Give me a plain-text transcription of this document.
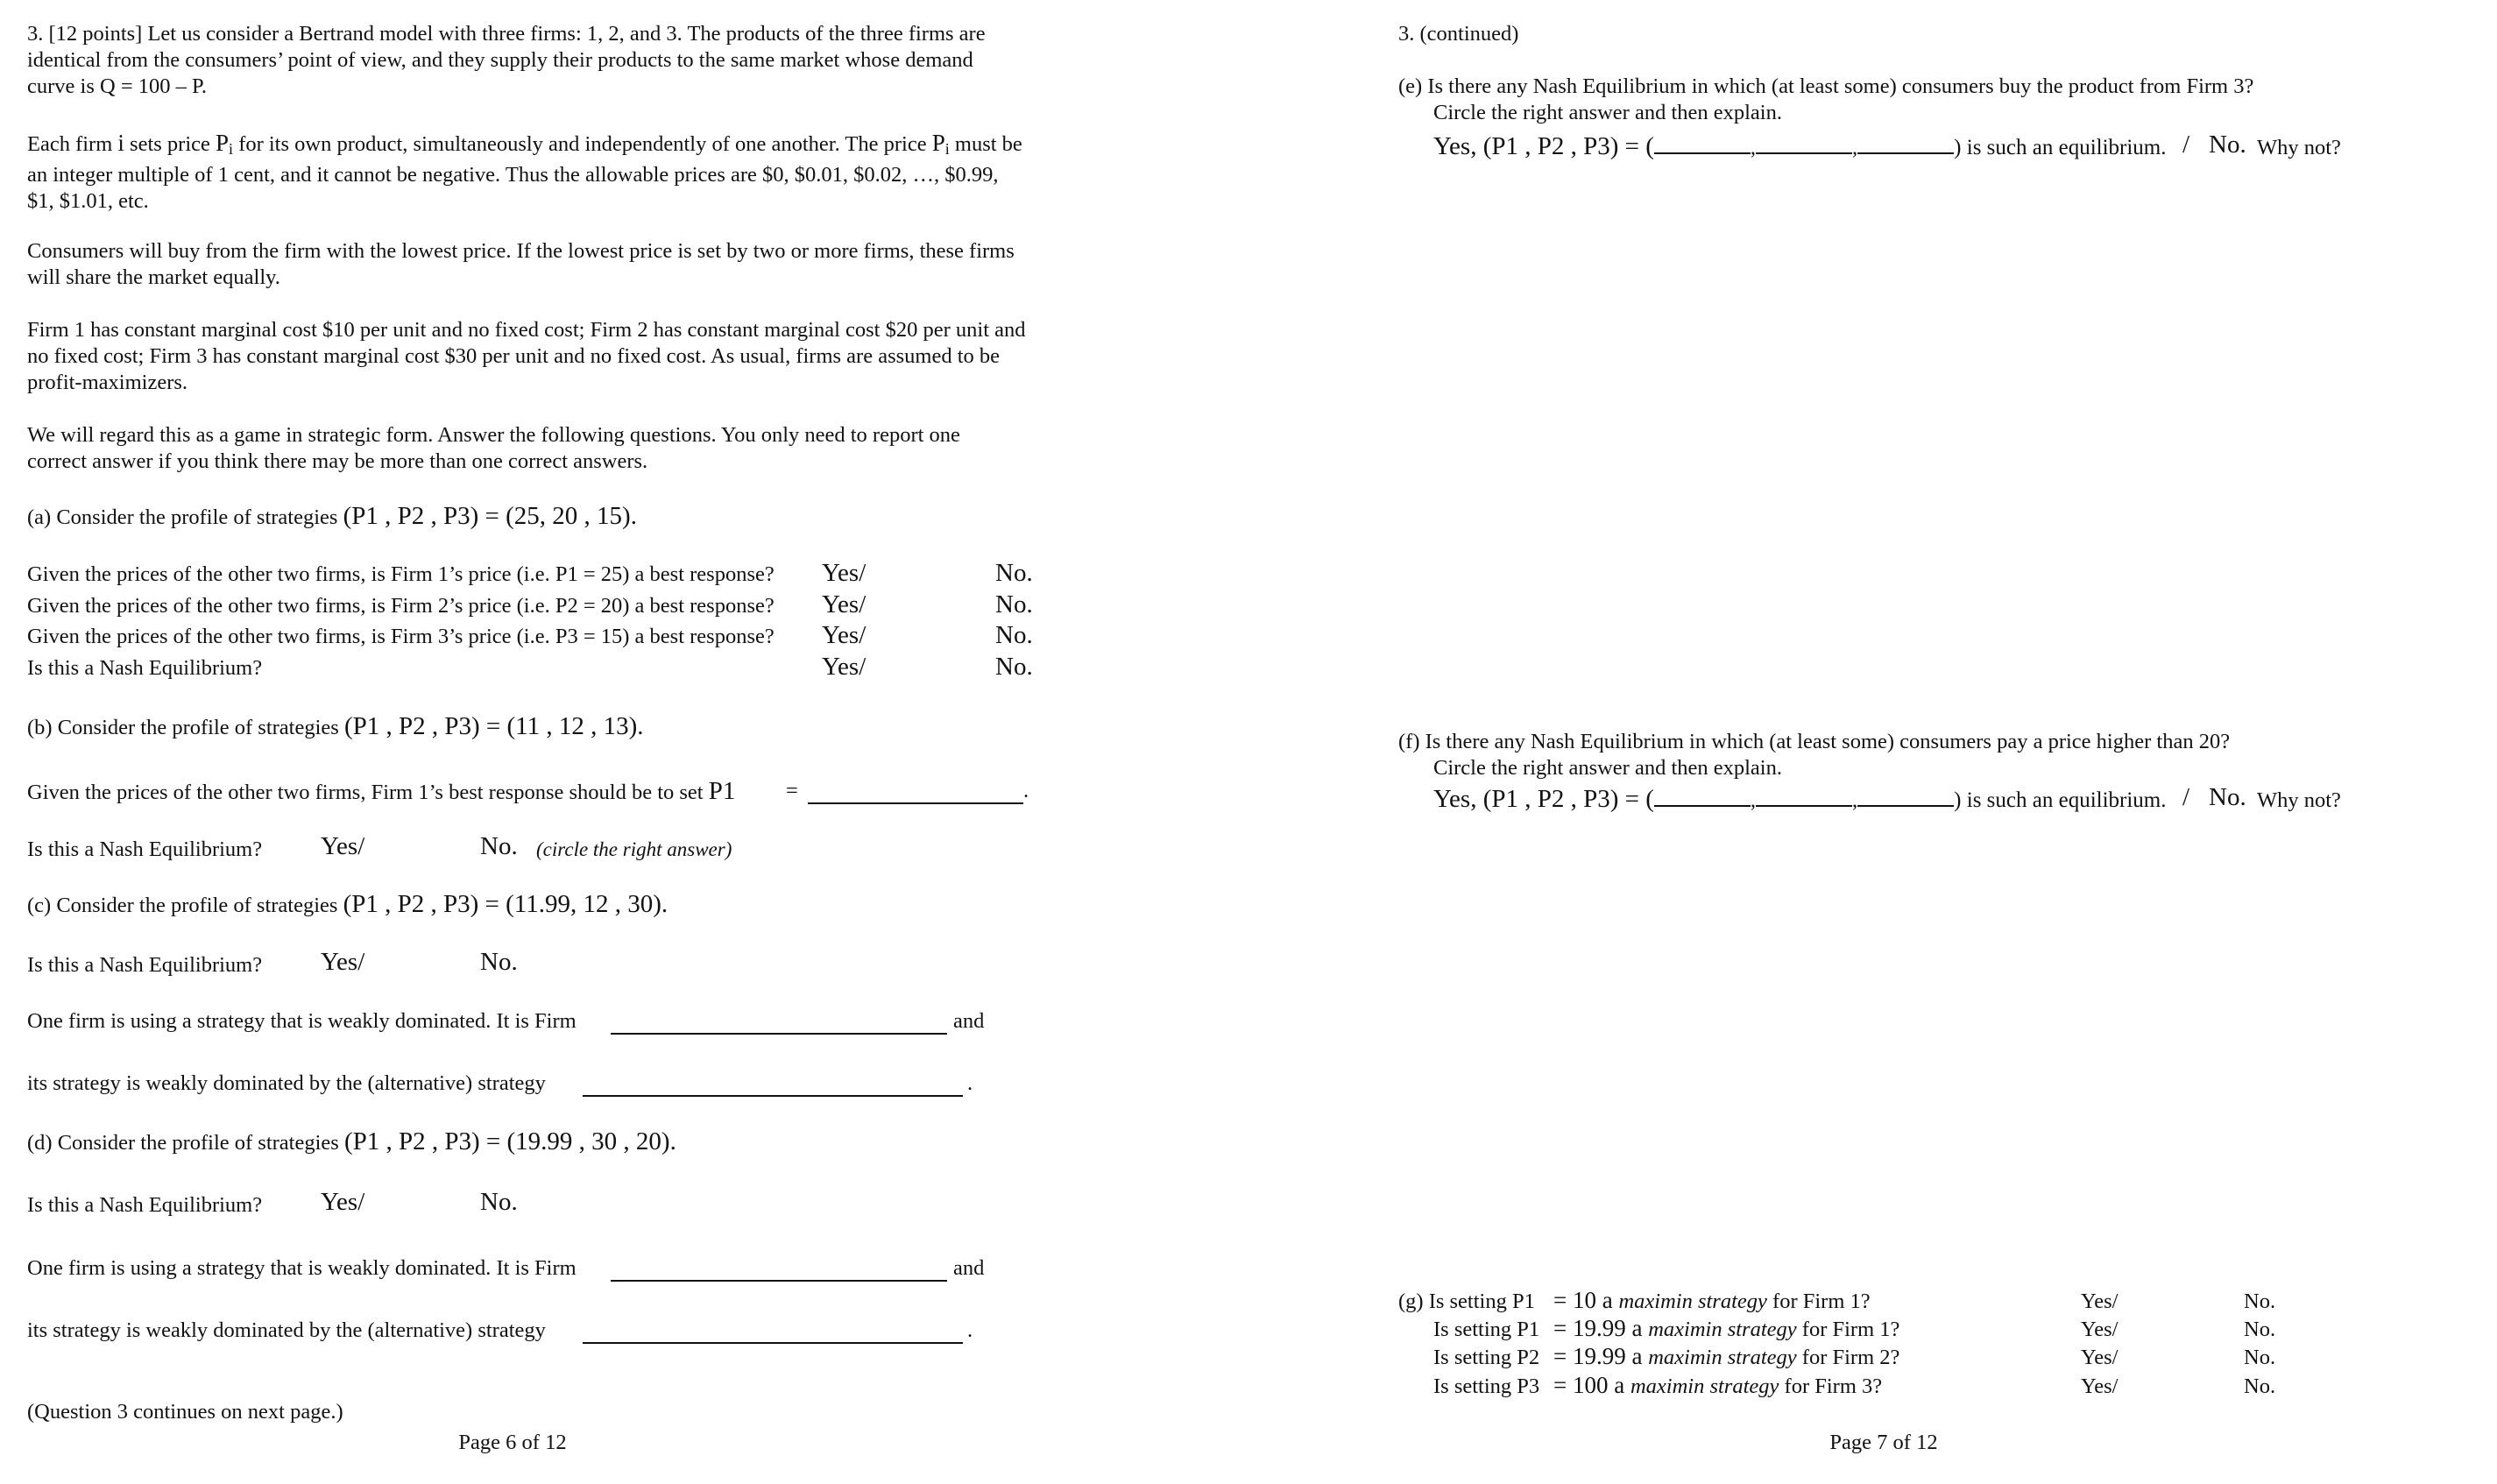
3. [12 points] Let us consider a Bertrand model with three firms: 1, 2, and 3. The products of the three firms are
identical from the consumers’ point of view, and they supply their products to the same market whose demand
curve is Q = 100 – P.
Each firm i sets price $P_i$ for its own product, simultaneously and independently of one another. The price $P_i$ must be
an integer multiple of 1 cent, and it cannot be negative. Thus the allowable prices are $0, $0.01, $0.02, …, $0.99,
$1, $1.01, etc.
Consumers will buy from the firm with the lowest price. If the lowest price is set by two or more firms, these firms
will share the market equally.
Firm 1 has constant marginal cost $10 per unit and no fixed cost; Firm 2 has constant marginal cost $20 per unit and
no fixed cost; Firm 3 has constant marginal cost $30 per unit and no fixed cost. As usual, firms are assumed to be
profit-maximizers.
We will regard this as a game in strategic form. Answer the following questions. You only need to report one
correct answer if you think there may be more than one correct answers.
(a) Consider the profile of strategies (P1 , P2 , P3) = (25, 20 , 15).
Given the prices of the other two firms, is Firm 1’s price (i.e. P1 = 25) a best response? Yes/	No.
Given the prices of the other two firms, is Firm 2’s price (i.e. P2 = 20) a best response? Yes/	No.
Given the prices of the other two firms, is Firm 3’s price (i.e. P3 = 15) a best response? Yes/	No.
Is this a Nash Equilibrium?	Yes/	No.
(b) Consider the profile of strategies (P1 , P2 , P3) = (11 , 12 , 13).
Given the prices of the other two firms, Firm 1’s best response should be to set P1 =	.
Is this a Nash Equilibrium? Yes/	No. (circle the right answer)
(c) Consider the profile of strategies (P1 , P2 , P3) = (11.99, 12 , 30).
Is this a Nash Equilibrium? Yes/	No.
One firm is using a strategy that is weakly dominated. It is Firm	and
its strategy is weakly dominated by the (alternative) strategy	.
(d) Consider the profile of strategies (P1 , P2 , P3) = (19.99 , 30 , 20).
Is this a Nash Equilibrium? Yes/	No.
One firm is using a strategy that is weakly dominated. It is Firm	and
its strategy is weakly dominated by the (alternative) strategy	.
(Question 3 continues on next page.)
Page 6 of 12
3. (continued)
(e) Is there any Nash Equilibrium in which (at least some) consumers buy the product from Firm 3?
Circle the right answer and then explain.
Yes, (P1 , P2 , P3) = (	,	,	) is such an equilibrium. / No. Why not?
(f) Is there any Nash Equilibrium in which (at least some) consumers pay a price higher than 20?
Circle the right answer and then explain.
Yes, (P1 , P2 , P3) = (	,	,	) is such an equilibrium. / No. Why not?
(g) Is setting P1 = 10 a maximin strategy for Firm 1?	Yes/	No.
Is setting P1 = 19.99 a maximin strategy for Firm 1?	Yes/	No.
Is setting P2 = 19.99 a maximin strategy for Firm 2?	Yes/	No.
Is setting P3 = 100 a maximin strategy for Firm 3?	Yes/	No.
Page 7 of 12
